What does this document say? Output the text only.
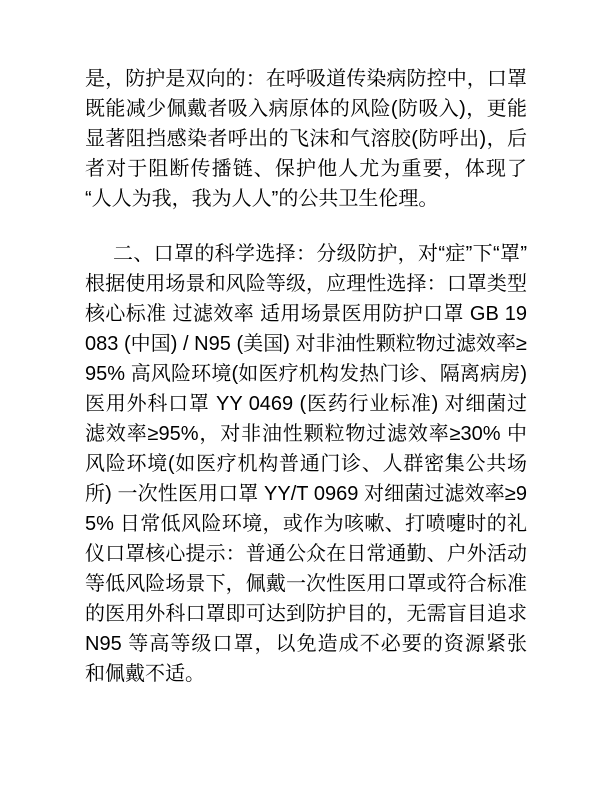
是，防护是双向的：在呼吸道传染病防控中，口罩既能减少佩戴者吸入病原体的风险(防吸入)，更能显著阻挡感染者呼出的飞沫和气溶胶(防呼出)，后者对于阻断传播链、保护他人尤为重要，体现了“人人为我，我为人人”的公共卫生伦理。

二、口罩的科学选择：分级防护，对“症”下“罩”根据使用场景和风险等级，应理性选择：口罩类型 核心标准 过滤效率 适用场景医用防护口罩 GB 19083 (中国) / N95 (美国) 对非油性颗粒物过滤效率≥95% 高风险环境(如医疗机构发热门诊、隔离病房) 医用外科口罩 YY 0469 (医药行业标准) 对细菌过滤效率≥95%，对非油性颗粒物过滤效率≥30% 中风险环境(如医疗机构普通门诊、人群密集公共场所) 一次性医用口罩 YY/T 0969 对细菌过滤效率≥95% 日常低风险环境，或作为咳嗽、打喷嚏时的礼仪口罩核心提示：普通公众在日常通勤、户外活动等低风险场景下，佩戴一次性医用口罩或符合标准的医用外科口罩即可达到防护目的，无需盲目追求 N95 等高等级口罩，以免造成不必要的资源紧张和佩戴不适。
